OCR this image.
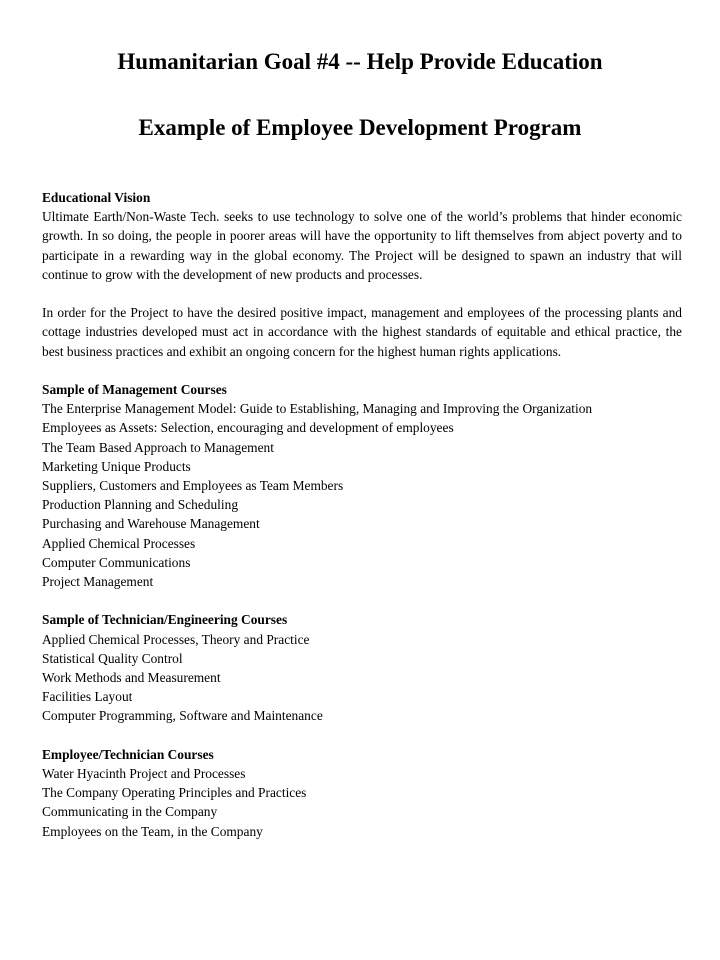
Humanitarian Goal #4 -- Help Provide Education
Example of Employee Development Program
Educational Vision

Ultimate Earth/Non-Waste Tech. seeks to use technology to solve one of the world’s problems that hinder economic growth. In so doing, the people in poorer areas will have the opportunity to lift themselves from abject poverty and to participate in a rewarding way in the global economy. The Project will be designed to spawn an industry that will continue to grow with the development of new products and processes.

In order for the Project to have the desired positive impact, management and employees of the processing plants and cottage industries developed must act in accordance with the highest standards of equitable and ethical practice, the best business practices and exhibit an ongoing concern for the highest human rights applications.

Sample of Management Courses
The Enterprise Management Model: Guide to Establishing, Managing and Improving the Organization
Employees as Assets: Selection, encouraging and development of employees
The Team Based Approach to Management
Marketing Unique Products
Suppliers, Customers and Employees as Team Members
Production Planning and Scheduling
Purchasing and Warehouse Management
Applied Chemical Processes
Computer Communications
Project Management
Sample of Technician/Engineering Courses
Applied Chemical Processes, Theory and Practice
Statistical Quality Control
Work Methods and Measurement
Facilities Layout
Computer Programming, Software and Maintenance
Employee/Technician Courses
Water Hyacinth Project and Processes
The Company Operating Principles and Practices
Communicating in the Company
Employees on the Team, in the Company
